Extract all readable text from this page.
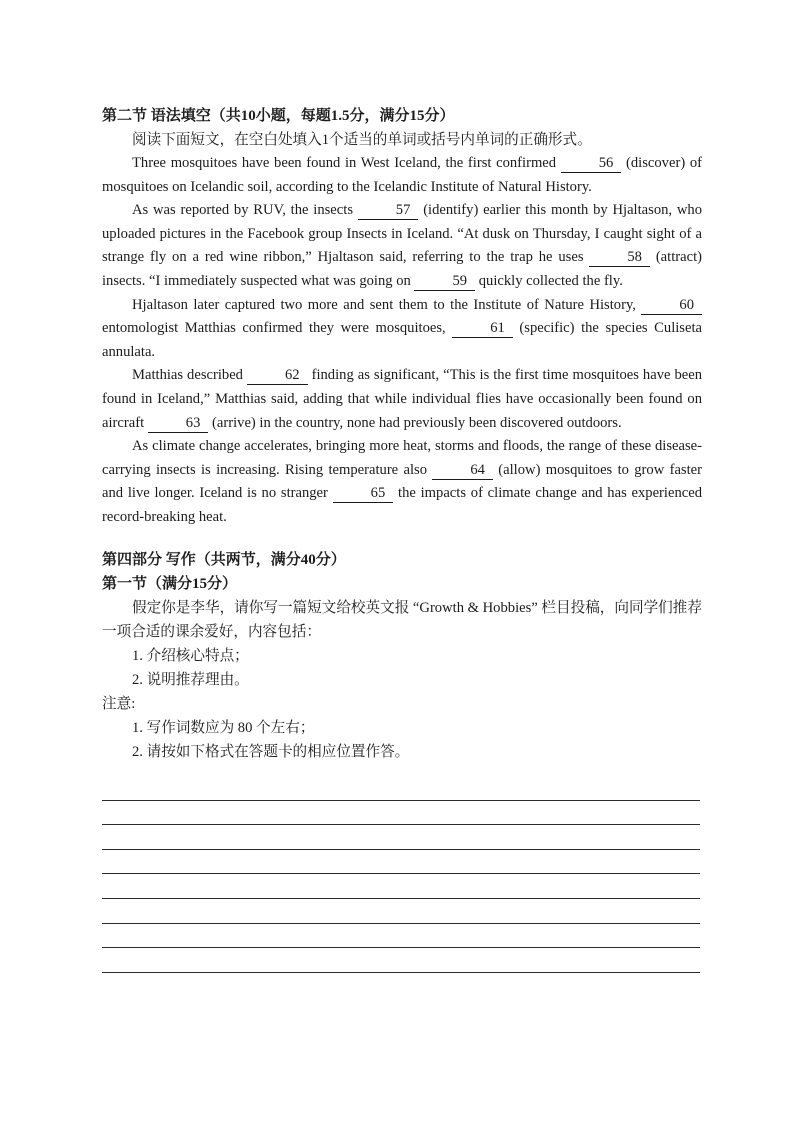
第二节 语法填空（共10小题，每题1.5分，满分15分）
阅读下面短文，在空白处填入1个适当的单词或括号内单词的正确形式。
Three mosquitoes have been found in West Iceland, the first confirmed	56 (discover) of mosquitoes on Icelandic soil, according to the Icelandic Institute of Natural History.
As was reported by RUV, the insects	57 (identify) earlier this month by Hjaltason, who uploaded pictures in the Facebook group Insects in Iceland. “At dusk on Thursday, I caught sight of a strange fly on a red wine ribbon,” Hjaltason said, referring to the trap he uses	58 (attract) insects. “I immediately suspected what was going on	59 quickly collected the fly.
Hjaltason later captured two more and sent them to the Institute of Nature History,	60 entomologist Matthias confirmed they were mosquitoes,	61 (specific) the species Culiseta annulata.
Matthias described	62 finding as significant, “This is the first time mosquitoes have been found in Iceland,” Matthias said, adding that while individual flies have occasionally been found on aircraft	63 (arrive) in the country, none had previously been discovered outdoors.
As climate change accelerates, bringing more heat, storms and floods, the range of these disease-carrying insects is increasing. Rising temperature also	64 (allow) mosquitoes to grow faster and live longer. Iceland is no stranger	65 the impacts of climate change and has experienced record-breaking heat.
第四部分 写作（共两节，满分40分）
第一节（满分15分）
假定你是李华，请你写一篇短文给校英文报 “Growth & Hobbies” 栏目投稿，向同学们推荐一项合适的课余爱好，内容包括：
1. 介绍核心特点；
2. 说明推荐理由。
注意:
1. 写作词数应为 80 个左右；
2. 请按如下格式在答题卡的相应位置作答。
